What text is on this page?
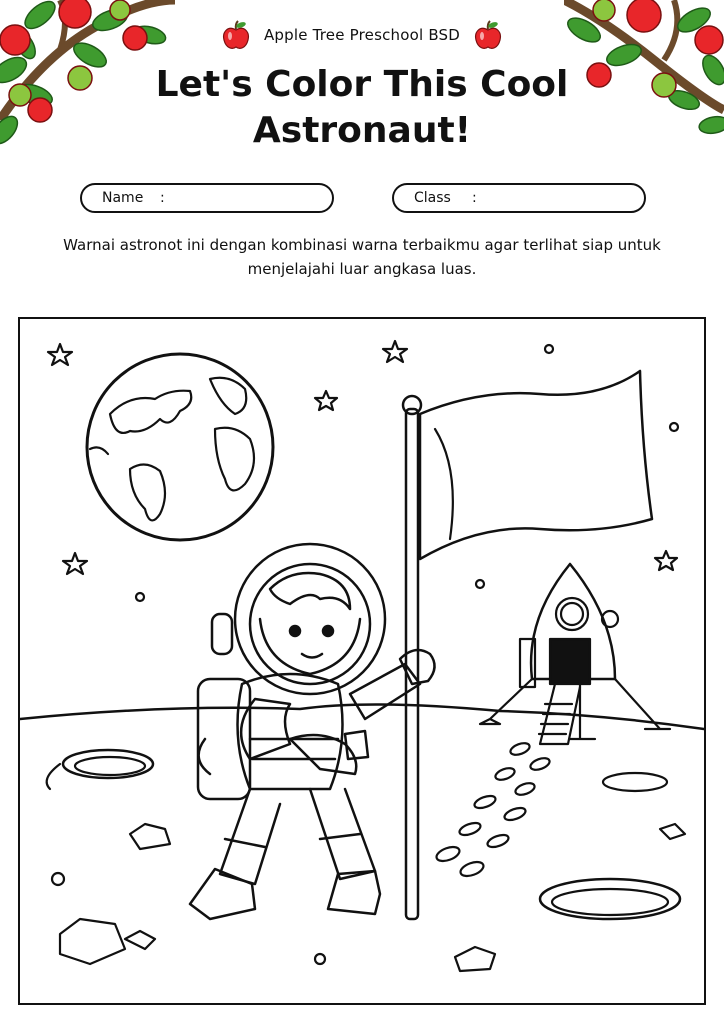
Apple Tree Preschool BSD
Let's Color This Cool Astronaut!
Name	:	Class	:

Warnai astronot ini dengan kombinasi warna terbaikmu agar terlihat siap untuk menjelajahi luar angkasa luas.
